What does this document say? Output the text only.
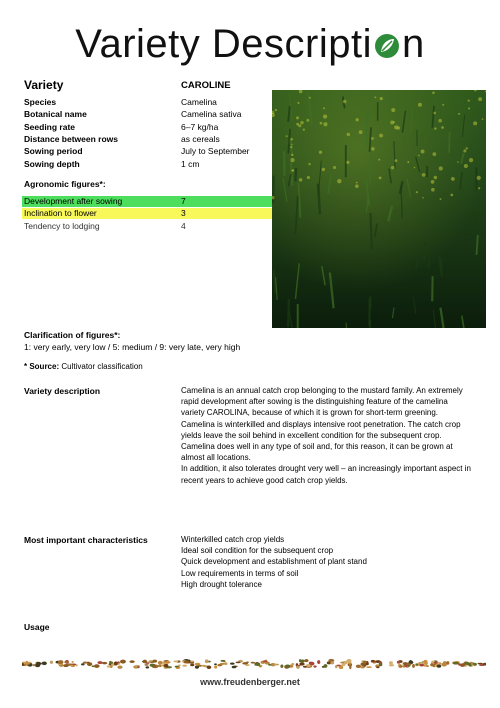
Variety Descripti n
Variety	CAROLINE
Species	Camelina
Botanical name	Camelina sativa
Seeding rate	6–7 kg/ha
Distance between rows	as cereals
Sowing period	July to September
Sowing depth	1 cm
Agronomic figures*:
Development after sowing	7
Inclination to flower	3
Tendency to lodging	4
Clarification of figures*:
1: very early, very low / 5: medium / 9: very late, very high
* Source: Cultivator classification
Variety description	Camelina is an annual catch crop belonging to the mustard family. An extremely
rapid development after sowing is the distinguishing feature of the camelina
variety CAROLINA, because of which it is grown for short-term greening.
Camelina is winterkilled and displays intensive root penetration. The catch crop
yields leave the soil behind in excellent condition for the subsequent crop.
Camelina does well in any type of soil and, for this reason, it can be grown at
almost all locations.
In addition, it also tolerates drought very well – an increasingly important aspect in
recent years to achieve good catch crop yields.
Most important characteristics	Winterkilled catch crop yields
Ideal soil condition for the subsequent crop
Quick development and establishment of plant stand
Low requirements in terms of soil
High drought tolerance
Usage
www.freudenberger.net
